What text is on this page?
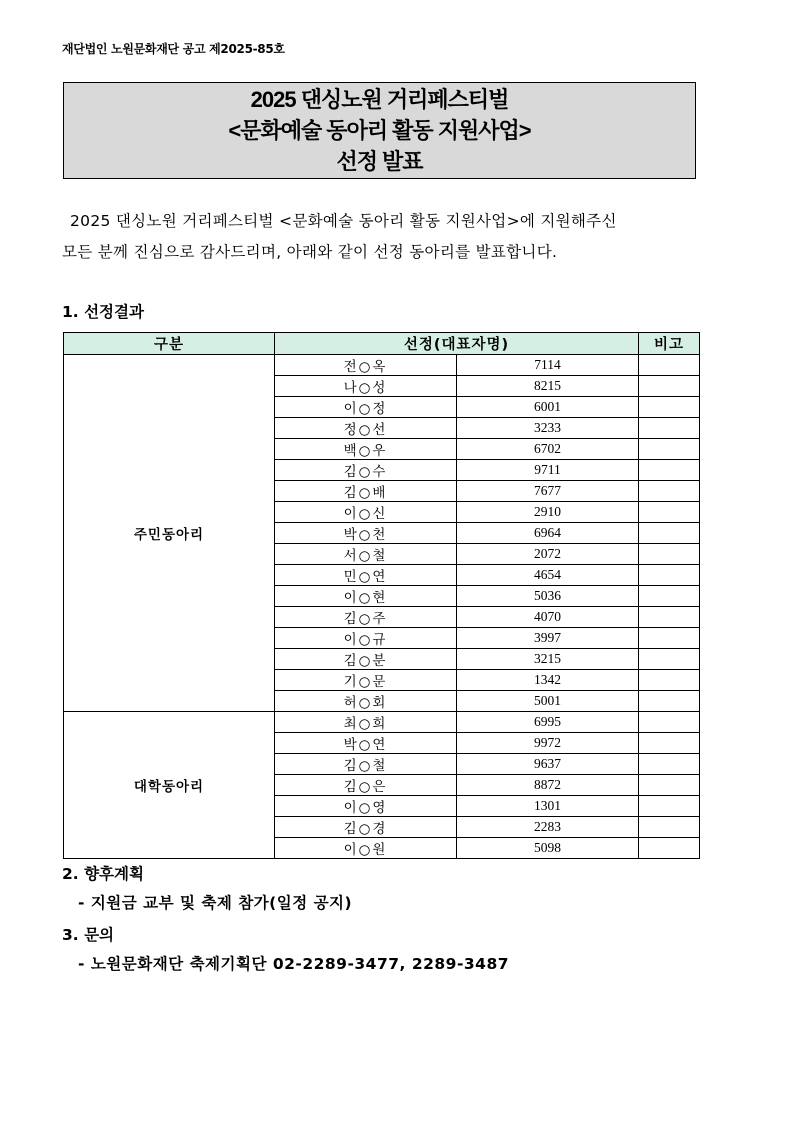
재단법인 노원문화재단 공고 제2025-85호
2025 댄싱노원 거리페스티벌
<문화예술 동아리 활동 지원사업>
선정 발표
2025 댄싱노원 거리페스티벌 <문화예술 동아리 활동 지원사업>에 지원해주신
모든 분께 진심으로 감사드리며, 아래와 같이 선정 동아리를 발표합니다.
1. 선정결과
구분	선정(대표자명)		비고
주민동아리	전○옥	7114	
	나○성	8215	
	이○정	6001	
	정○선	3233	
	백○우	6702	
	김○수	9711	
	김○배	7677	
	이○신	2910	
	박○천	6964	
	서○철	2072	
	민○연	4654	
	이○현	5036	
	김○주	4070	
	이○규	3997	
	김○분	3215	
	기○문	1342	
	허○회	5001	
대학동아리	최○희	6995	
	박○연	9972	
	김○철	9637	
	김○은	8872	
	이○영	1301	
	김○경	2283	
	이○원	5098	
2. 향후계획
- 지원금 교부 및 축제 참가(일정 공지)
3. 문의
- 노원문화재단 축제기획단 02-2289-3477, 2289-3487
